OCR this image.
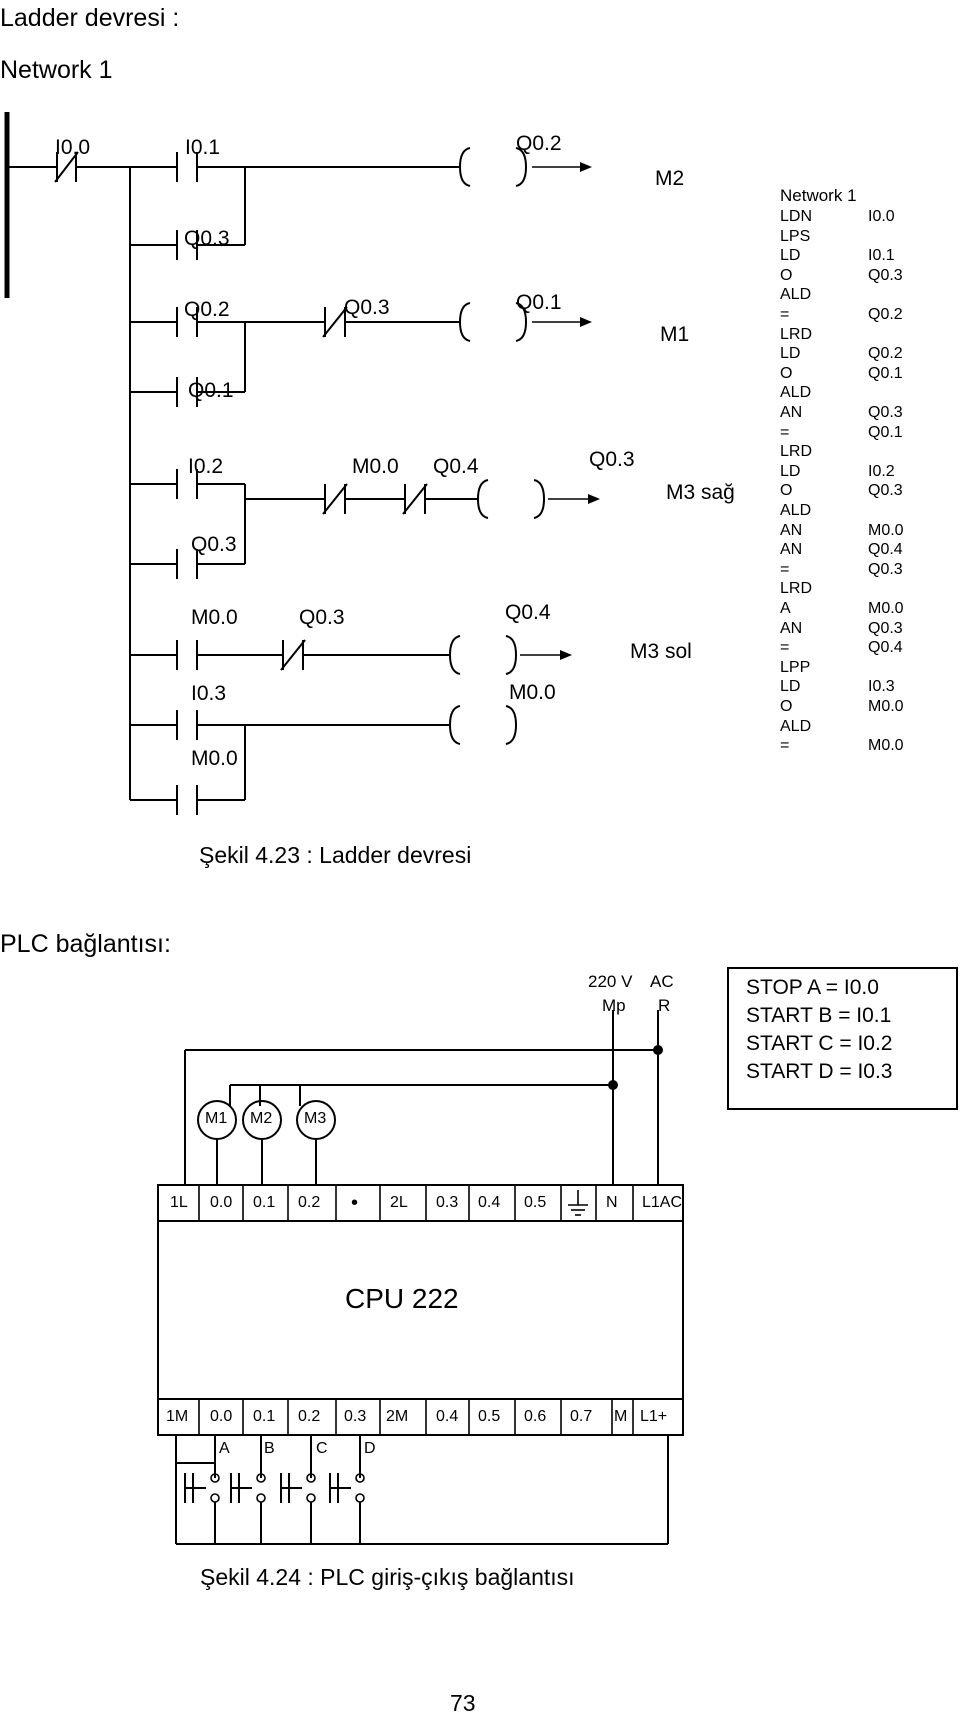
Ladder devresi :
Network 1
I0.0	I0.1
Q0.3
Q0.2	Q0.3
Q0.1
I0.2	M0.0 Q0.4
Q0.3
M0.0	Q0.3
I0.3
M0.0
Q0.2
M2
Q0.1
M1
Q0.3
M3 sağ
Q0.4
M3 sol
M0.0
Network 1
LDN	I0.0
LPS
LD	I0.1
O	Q0.3
ALD
=	Q0.2
LRD
LD	Q0.2
O	Q0.1
ALD
AN	Q0.3
=	Q0.1
LRD
LD	I0.2
O	Q0.3
ALD
AN	M0.0
AN	Q0.4
=	Q0.3
LRD
A	M0.0
AN	Q0.3
=	Q0.4
LPP
LD	I0.3
O	M0.0
ALD
=	M0.0
Şekil 4.23 : Ladder devresi
PLC bağlantısı:
220 V AC
Mp R
STOP A = I0.0
START B = I0.1
START C = I0.2
START D = I0.3
M1 M2 M3
1L 0.0 0.1 0.2 • 2L 0.3 0.4 0.5	N L1AC
CPU 222
1M 0.0 0.1 0.2 0.3 2M 0.4 0.5 0.6 0.7 M L1+
A B	C D
Şekil 4.24 : PLC giriş-çıkış bağlantısı
73
